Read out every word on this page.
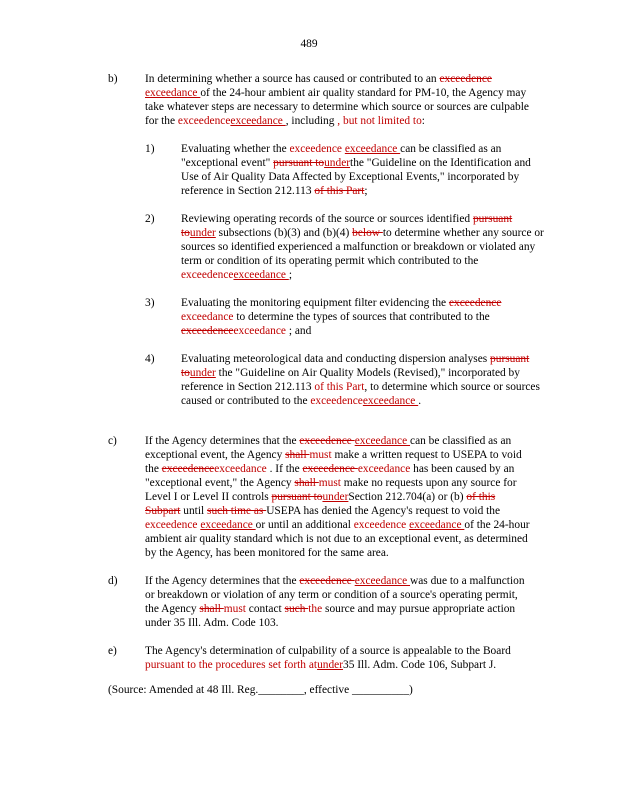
489
b) In determining whether a source has caused or contributed to an exceedence exceedance of the 24-hour ambient air quality standard for PM-10, the Agency may take whatever steps are necessary to determine which source or sources are culpable for the exceedenceexceedance , including , but not limited to:
1) Evaluating whether the exceedence exceedance can be classified as an "exceptional event" pursuant tounderthe "Guideline on the Identification and Use of Air Quality Data Affected by Exceptional Events," incorporated by reference in Section 212.113 of this Part;
2) Reviewing operating records of the source or sources identified pursuant tounder subsections (b)(3) and (b)(4) below to determine whether any source or sources so identified experienced a malfunction or breakdown or violated any term or condition of its operating permit which contributed to the exceedenceexceedance ;
3) Evaluating the monitoring equipment filter evidencing the exceedence exceedance to determine the types of sources that contributed to the exceedenceexceedance ; and
4) Evaluating meteorological data and conducting dispersion analyses pursuant tounder the "Guideline on Air Quality Models (Revised)," incorporated by reference in Section 212.113 of this Part, to determine which source or sources caused or contributed to the exceedenceexceedance .
c) If the Agency determines that the exceedence exceedance can be classified as an exceptional event, the Agency shall must make a written request to USEPA to void the exceedenceexceedance . If the exceedence exceedance has been caused by an "exceptional event," the Agency shall must make no requests upon any source for Level I or Level II controls pursuant tounderSection 212.704(a) or (b) of this Subpart until such time as USEPA has denied the Agency's request to void the exceedence exceedance or until an additional exceedence exceedance of the 24-hour ambient air quality standard which is not due to an exceptional event, as determined by the Agency, has been monitored for the same area.
d) If the Agency determines that the exceedence exceedance was due to a malfunction or breakdown or violation of any term or condition of a source's operating permit, the Agency shall must contact such the source and may pursue appropriate action under 35 Ill. Adm. Code 103.
e) The Agency's determination of culpability of a source is appealable to the Board pursuant to the procedures set forth atunder35 Ill. Adm. Code 106, Subpart J.
(Source: Amended at 48 Ill. Reg.________, effective __________)
